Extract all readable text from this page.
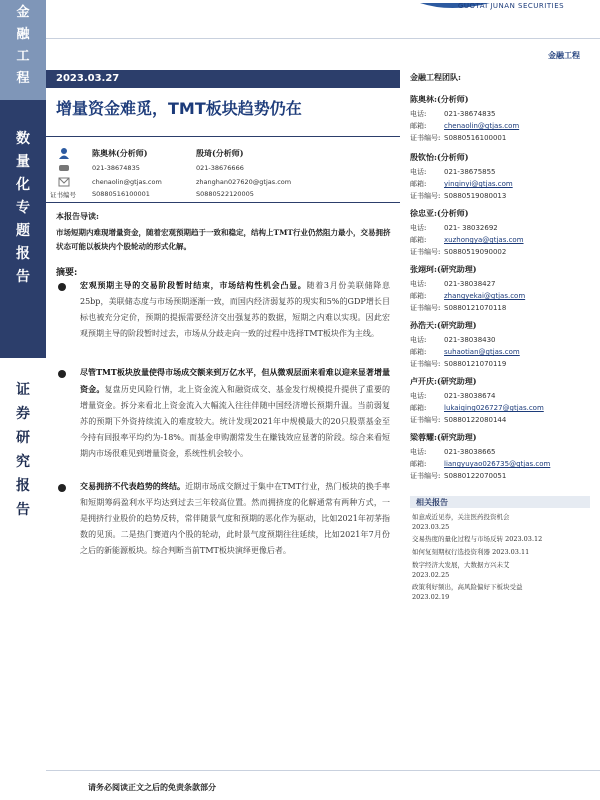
金
融
工
程
数
量
化
专
题
报
告
证
券
研
究
报
告
GUOTAI JUNAN SECURITIES
金融工程
2023.03.27
增量资金难觅，TMT板块趋势仍在
证书编号
陈奥林(分析师)
021-38674835
chenaolin@gtjas.com
S0880516100001
殷琦(分析师)
021-38676666
zhanghan027620@gtjas.com
S0880522120005
本报告导读:
市场短期内难现增量资金，随着宏观预期趋于一致和稳定，结构上TMT行业仍然阻力最小，交易拥挤状态可能以板块内个股轮动的形式化解。
摘要:
宏观预期主导的交易阶段暂时结束，市场结构性机会凸显。随着3月份美联储降息25bp，美联储态度与市场预期逐渐一致，而国内经济弱复苏的现实和5%的GDP增长目标也被充分定价，预期的提振需要经济交出强复苏的数据，短期之内难以实现。因此宏观预期主导的阶段暂时过去，市场从分歧走向一致的过程中选择TMT板块作为主线。
尽管TMT板块放量使得市场成交额来到万亿水平，但从微观层面来看难以迎来显著增量资金。复盘历史风险行情，北上资金流入和融资成交、基金发行规模提升提供了重要的增量资金。拆分来看北上资金流入大幅流入往往伴随中国经济增长预期升温。当前弱复苏的预期下外资持续流入的难度较大。统计发现2021年中规模最大的20只股票基金至今持有回报率平均约为-18%。而基金申购潮常发生在赚钱效应显著的阶段。综合来看短期内市场很难见到增量资金，系统性机会较小。
交易拥挤不代表趋势的终结。近期市场成交额过于集中在TMT行业，热门板块的换手率和短期筹码盈利水平均达到过去三年较高位置。然而拥挤度的化解通常有两种方式，一是拥挤行业股价的趋势反转，常伴随景气度和预期的恶化作为驱动，比如2021年初茅指数的见顶。二是热门赛道内个股的轮动，此时景气度预期往往延续，比如2021年7月份之后的新能源板块。综合判断当前TMT板块演绎更像后者。
金融工程团队:
陈奥林:(分析师)
电话:	021-38674835
邮箱:	chenaolin@gtjas.com
证书编号: S0880516100001
殷钦怡:(分析师)
电话:	021-38675855
邮箱:	yinqinyi@gtjas.com
证书编号: S0880519080013
徐忠亚:(分析师)
电话:	021- 38032692
邮箱:	xuzhongya@gtjas.com
证书编号: S0880519090002
张翊珂:(研究助理)
电话:	021-38038427
邮箱:	zhangyekai@gtjas.com
证书编号: S0880121070118
孙浩天:(研究助理)
电话:	021-38038430
邮箱:	suhaotian@gtjas.com
证书编号: S0880121070119
卢开庆:(研究助理)
电话:	021-38038674
邮箱:	lukaiqing026727@gtjas.com
证书编号: S0880122080144
梁蓉耀:(研究助理)
电话:	021-38038665
邮箱:	liangyuyao026735@gtjas.com
证书编号: S0880122070051
相关报告
如意成近见券，关注医药投资机会
2023.03.25
交易热度的量化过程与市场反转 2023.03.12
如何复刻期权行选投资利器 2023.03.11
数字经济大发展，大数据方兴未艾
2023.02.25
政策利好频出，高风险偏好下板块受益
2023.02.19
请务必阅读正文之后的免责条款部分
